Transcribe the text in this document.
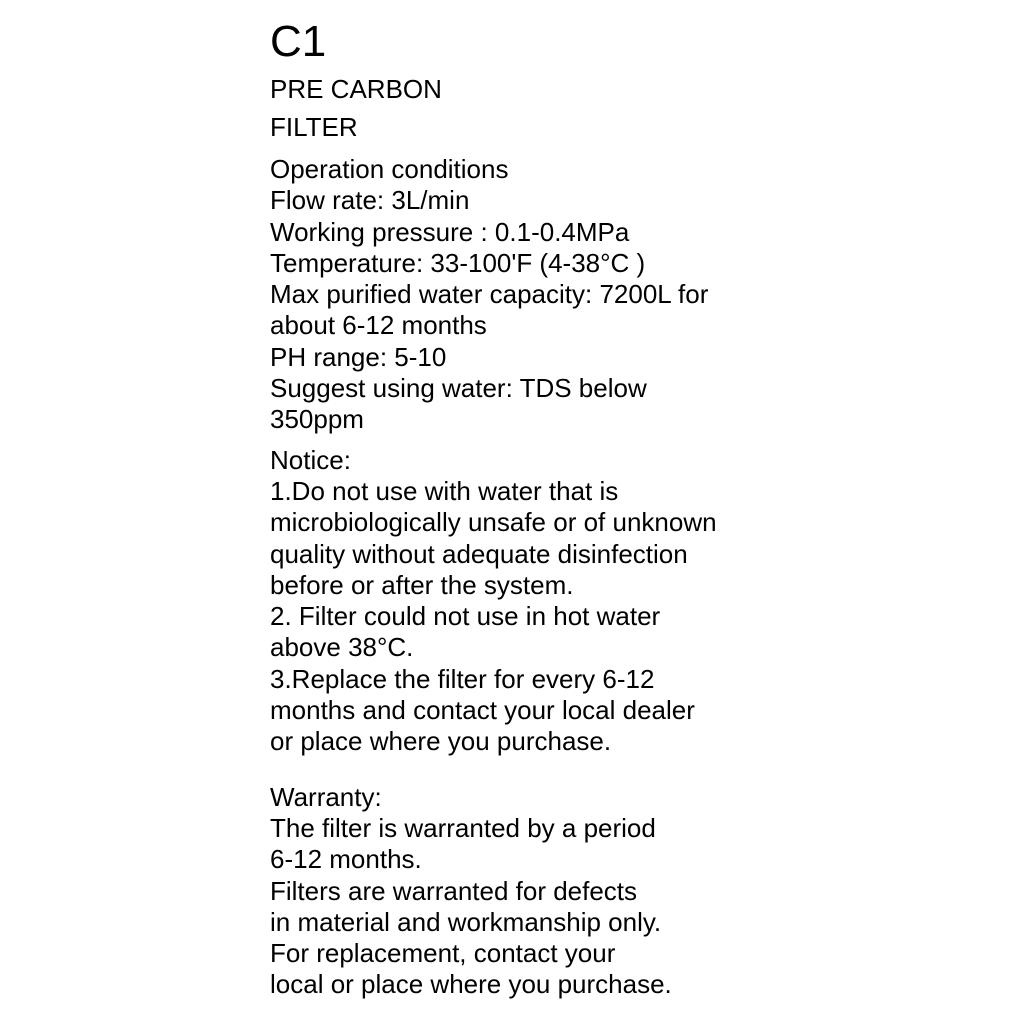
C1
PRE CARBON
FILTER
Operation conditions
Flow rate: 3L/min
Working pressure : 0.1-0.4MPa
Temperature: 33-100'F (4-38°C )
Max purified water capacity: 7200L for
about 6-12 months
PH range: 5-10
Suggest using water: TDS below
350ppm
Notice:
1.Do not use with water that is
microbiologically unsafe or of unknown
quality without adequate disinfection
before or after the system.
2. Filter could not use in hot water
above 38°C.
3.Replace the filter for every 6-12
months and contact your local dealer
or place where you purchase.
Warranty:
The filter is warranted by a period
6-12 months.
Filters are warranted for defects
in material and workmanship only.
For replacement, contact your
local or place where you purchase.
